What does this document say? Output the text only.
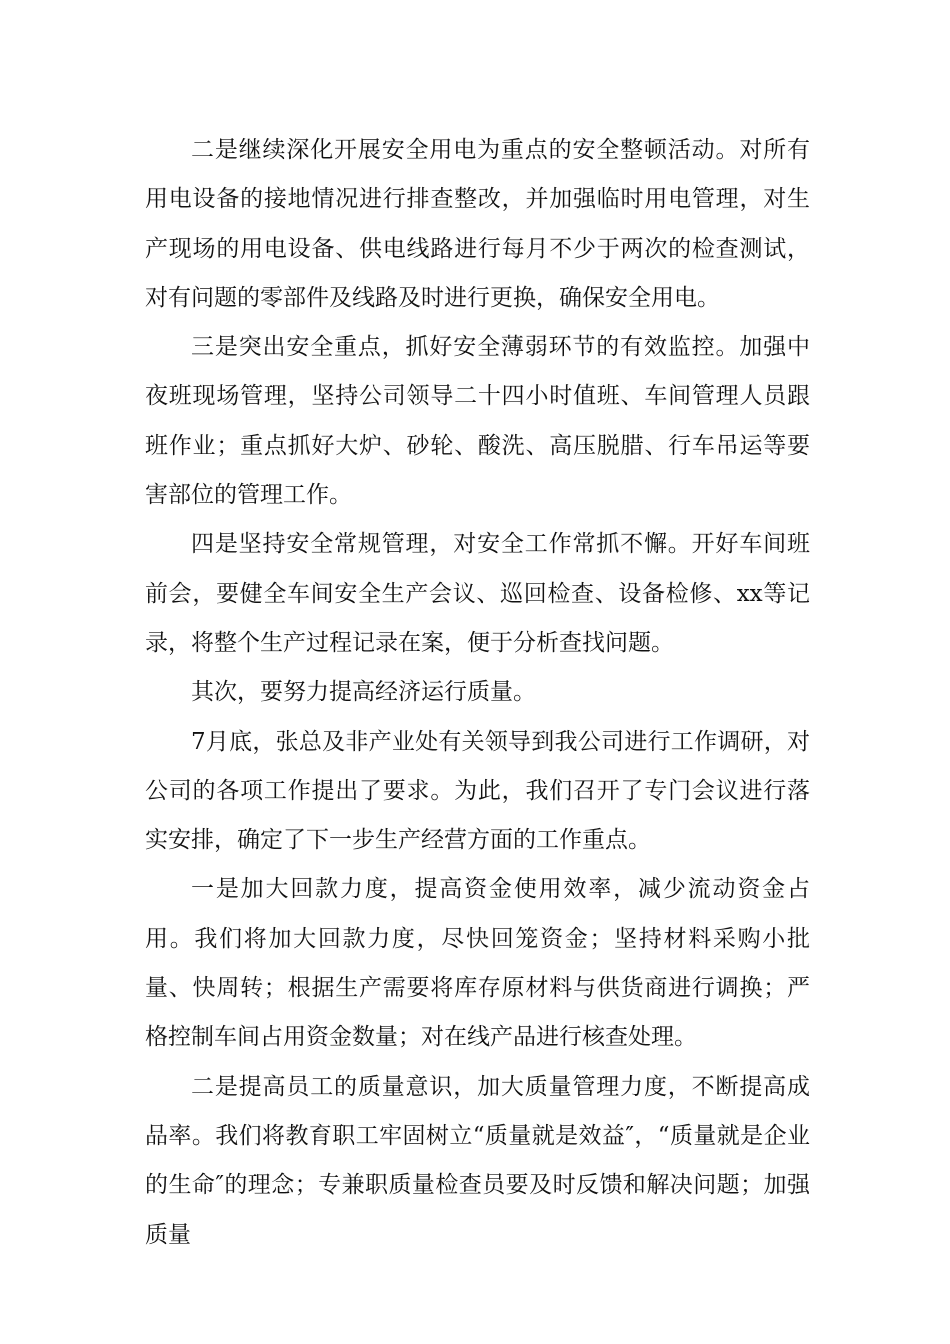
二是继续深化开展安全用电为重点的安全整顿活动。对所有用电设备的接地情况进行排查整改，并加强临时用电管理，对生产现场的用电设备、供电线路进行每月不少于两次的检查测试，对有问题的零部件及线路及时进行更换，确保安全用电。

三是突出安全重点，抓好安全薄弱环节的有效监控。加强中夜班现场管理，坚持公司领导二十四小时值班、车间管理人员跟班作业；重点抓好大炉、砂轮、酸洗、高压脱腊、行车吊运等要害部位的管理工作。

四是坚持安全常规管理，对安全工作常抓不懈。开好车间班前会，要健全车间安全生产会议、巡回检查、设备检修、xx等记录，将整个生产过程记录在案，便于分析查找问题。

其次，要努力提高经济运行质量。

7月底，张总及非产业处有关领导到我公司进行工作调研，对公司的各项工作提出了要求。为此，我们召开了专门会议进行落实安排，确定了下一步生产经营方面的工作重点。

一是加大回款力度，提高资金使用效率，减少流动资金占用。我们将加大回款力度，尽快回笼资金；坚持材料采购小批量、快周转；根据生产需要将库存原材料与供货商进行调换；严格控制车间占用资金数量；对在线产品进行核查处理。

二是提高员工的质量意识，加大质量管理力度，不断提高成品率。我们将教育职工牢固树立“质量就是效益″，“质量就是企业的生命″的理念；专兼职质量检查员要及时反馈和解决问题；加强质量
